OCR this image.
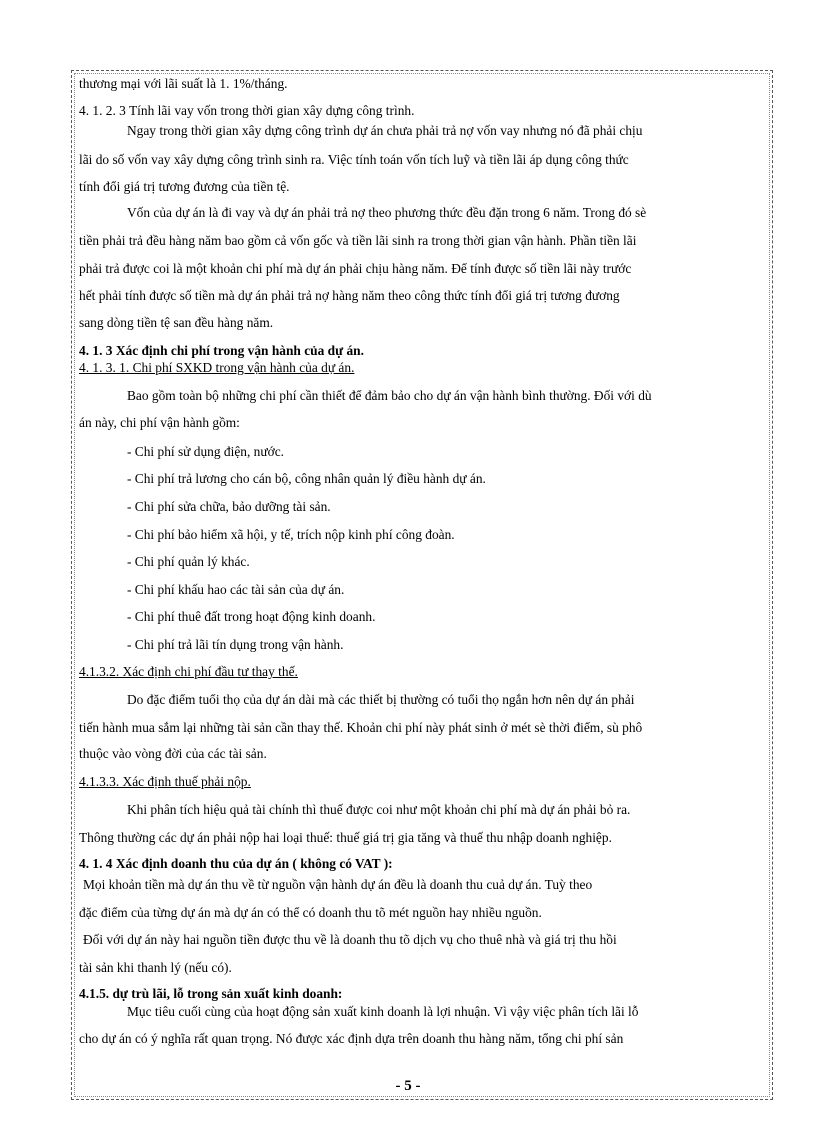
thương mại với lãi suất là 1. 1%/tháng.
4. 1. 2. 3 Tính lãi vay vốn trong thời gian xây dựng công trình.
Ngay trong thời gian xây dựng công trình dự án chưa phải trả nợ vốn vay nhưng nó đã phải chịu
lãi do số vốn vay xây dựng công trình sinh ra. Việc tính toán vốn tích luỹ và tiền lãi áp dụng công thức
tính đổi giá trị tương đương của tiền tệ.
Vốn của dự án là đi vay và dự án phải trả nợ theo phương thức đều đặn trong 6 năm. Trong đó sè
tiền phải trả đều hàng năm bao gồm cả vốn gốc và tiền lãi sinh ra trong thời gian vận hành. Phần tiền lãi
phải trả được coi là một khoản chi phí mà dự án phải chịu hàng năm. Để tính được số tiền lãi này trước
hết phải tính được số tiền mà dự án phải trả nợ hàng năm theo công thức tính đổi giá trị tương đương
sang dòng tiền tệ san đều hàng năm.
4. 1. 3 Xác định chi phí trong vận hành của dự án.
4. 1. 3. 1. Chi phí SXKD trong vận hành của dự án.
Bao gồm toàn bộ những chi phí cần thiết để đảm bảo cho dự án vận hành bình thường. Đối với dù
án này, chi phí vận hành gồm:
- Chi phí sử dụng điện, nước.
- Chi phí trả lương cho cán bộ, công nhân quản lý điều hành dự án.
- Chi phí sửa chữa, bảo dưỡng tài sản.
- Chi phí bảo hiểm xã hội, y tế, trích nộp kinh phí công đoàn.
- Chi phí quản lý khác.
- Chi phí khấu hao các tài sản của dự án.
- Chi phí thuê đất trong hoạt động kinh doanh.
- Chi phí trả lãi tín dụng trong vận hành.
4.1.3.2. Xác định chi phí đầu tư thay thế.
Do đặc điểm tuổi thọ của dự án dài mà các thiết bị thường có tuổi thọ ngắn hơn nên dự án phải
tiến hành mua sắm lại những tài sản cần thay thế. Khoản chi phí này phát sinh ở mét sè thời điểm, sù phô
thuộc vào vòng đời của các tài sản.
4.1.3.3. Xác định thuế phải nộp.
Khi phân tích hiệu quả tài chính thì thuế được coi như một khoản chi phí mà dự án phải bỏ ra.
Thông thường các dự án phải nộp hai loại thuế: thuế giá trị gia tăng và thuế thu nhập doanh nghiệp.
4. 1. 4 Xác định doanh thu của dự án ( không có VAT ):
Mọi khoản tiền mà dự án thu về từ nguồn vận hành dự án đều là doanh thu cuả dự án. Tuỳ theo
đặc điểm của từng dự án mà dự án có thể có doanh thu tõ mét nguồn hay nhiều nguồn.
Đối với dự án này hai nguồn tiền được thu về là doanh thu tõ dịch vụ cho thuê nhà và giá trị thu hồi
tài sản khi thanh lý (nếu có).
4.1.5. dự trù lãi, lỗ trong sản xuất kinh doanh:
Mục tiêu cuối cùng của hoạt động sản xuất kinh doanh là lợi nhuận. Vì vậy việc phân tích lãi lỗ
cho dự án có ý nghĩa rất quan trọng. Nó được xác định dựa trên doanh thu hàng năm, tổng chi phí sản
- 5 -
